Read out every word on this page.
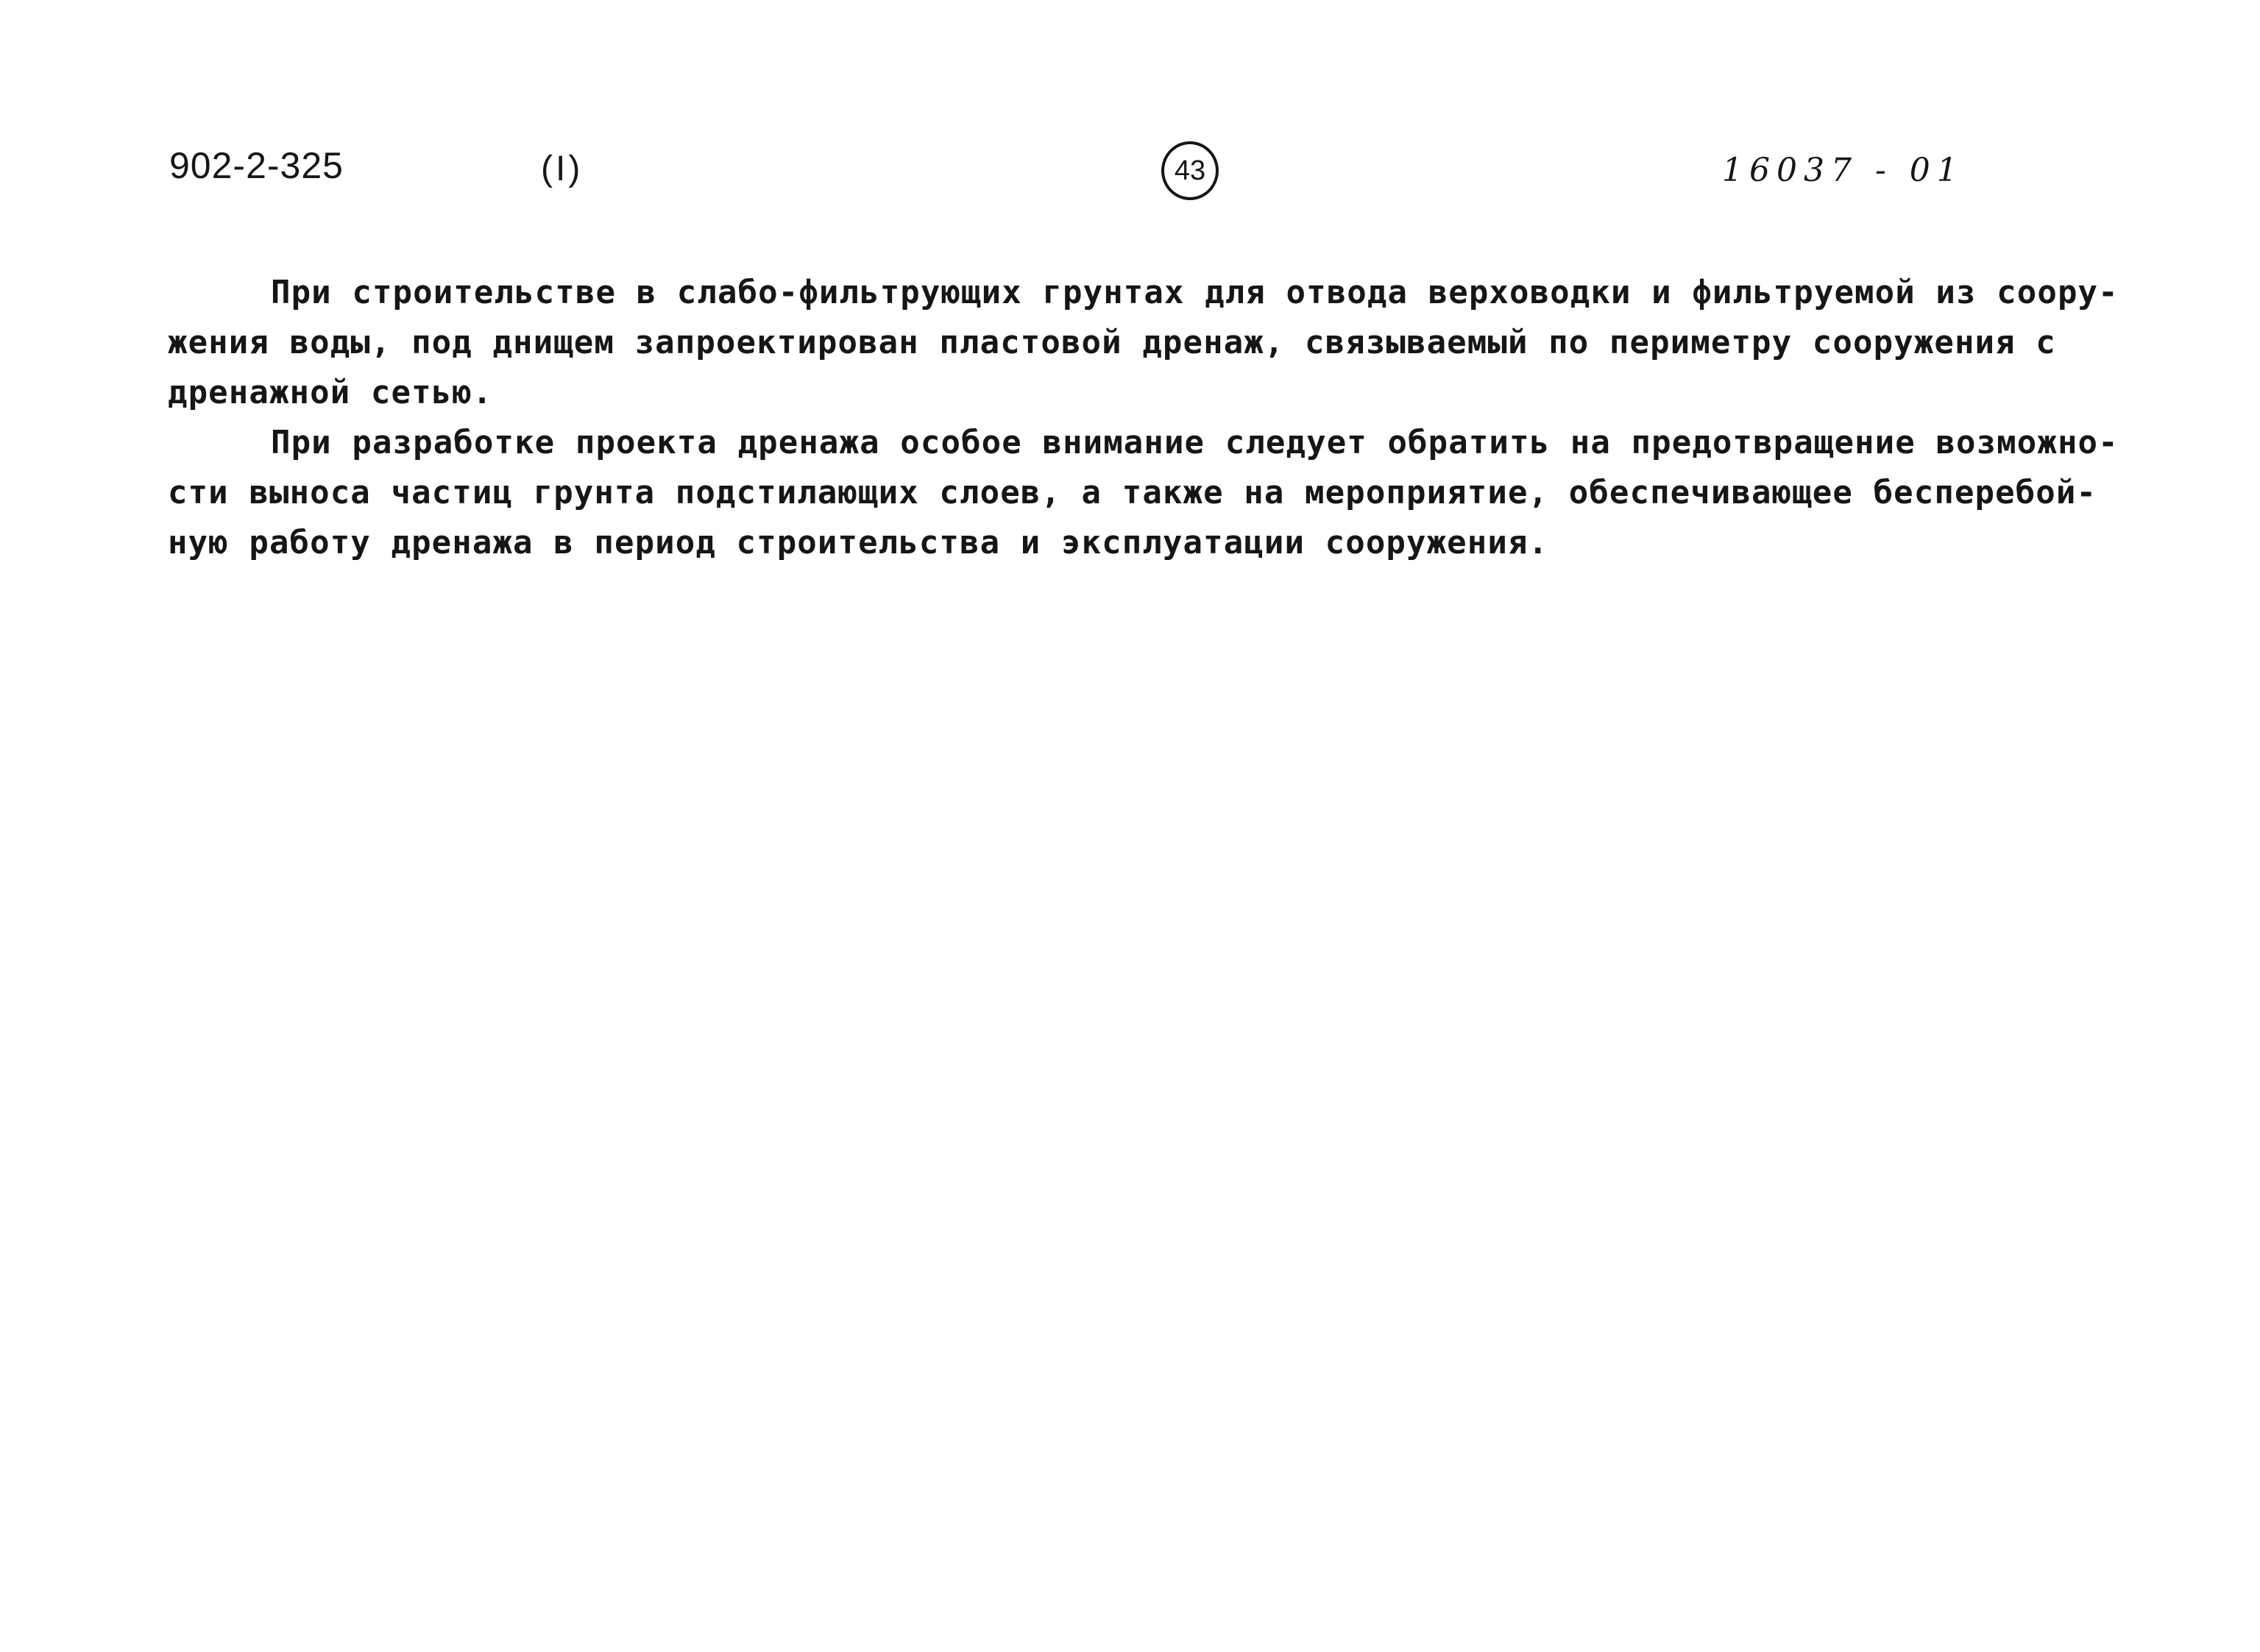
902-2-325	(I)	43	16037 - 01
При строительстве в слабо-фильтрующих грунтах для отвода верховодки и фильтруемой из соору-
жения воды, под днищем запроектирован пластовой дренаж, связываемый по периметру сооружения с
дренажной сетью.
При разработке проекта дренажа особое внимание следует обратить на предотвращение возможно-
сти выноса частиц грунта подстилающих слоев, а также на мероприятие, обеспечивающее бесперебой-
ную работу дренажа в период строительства и эксплуатации сооружения.
